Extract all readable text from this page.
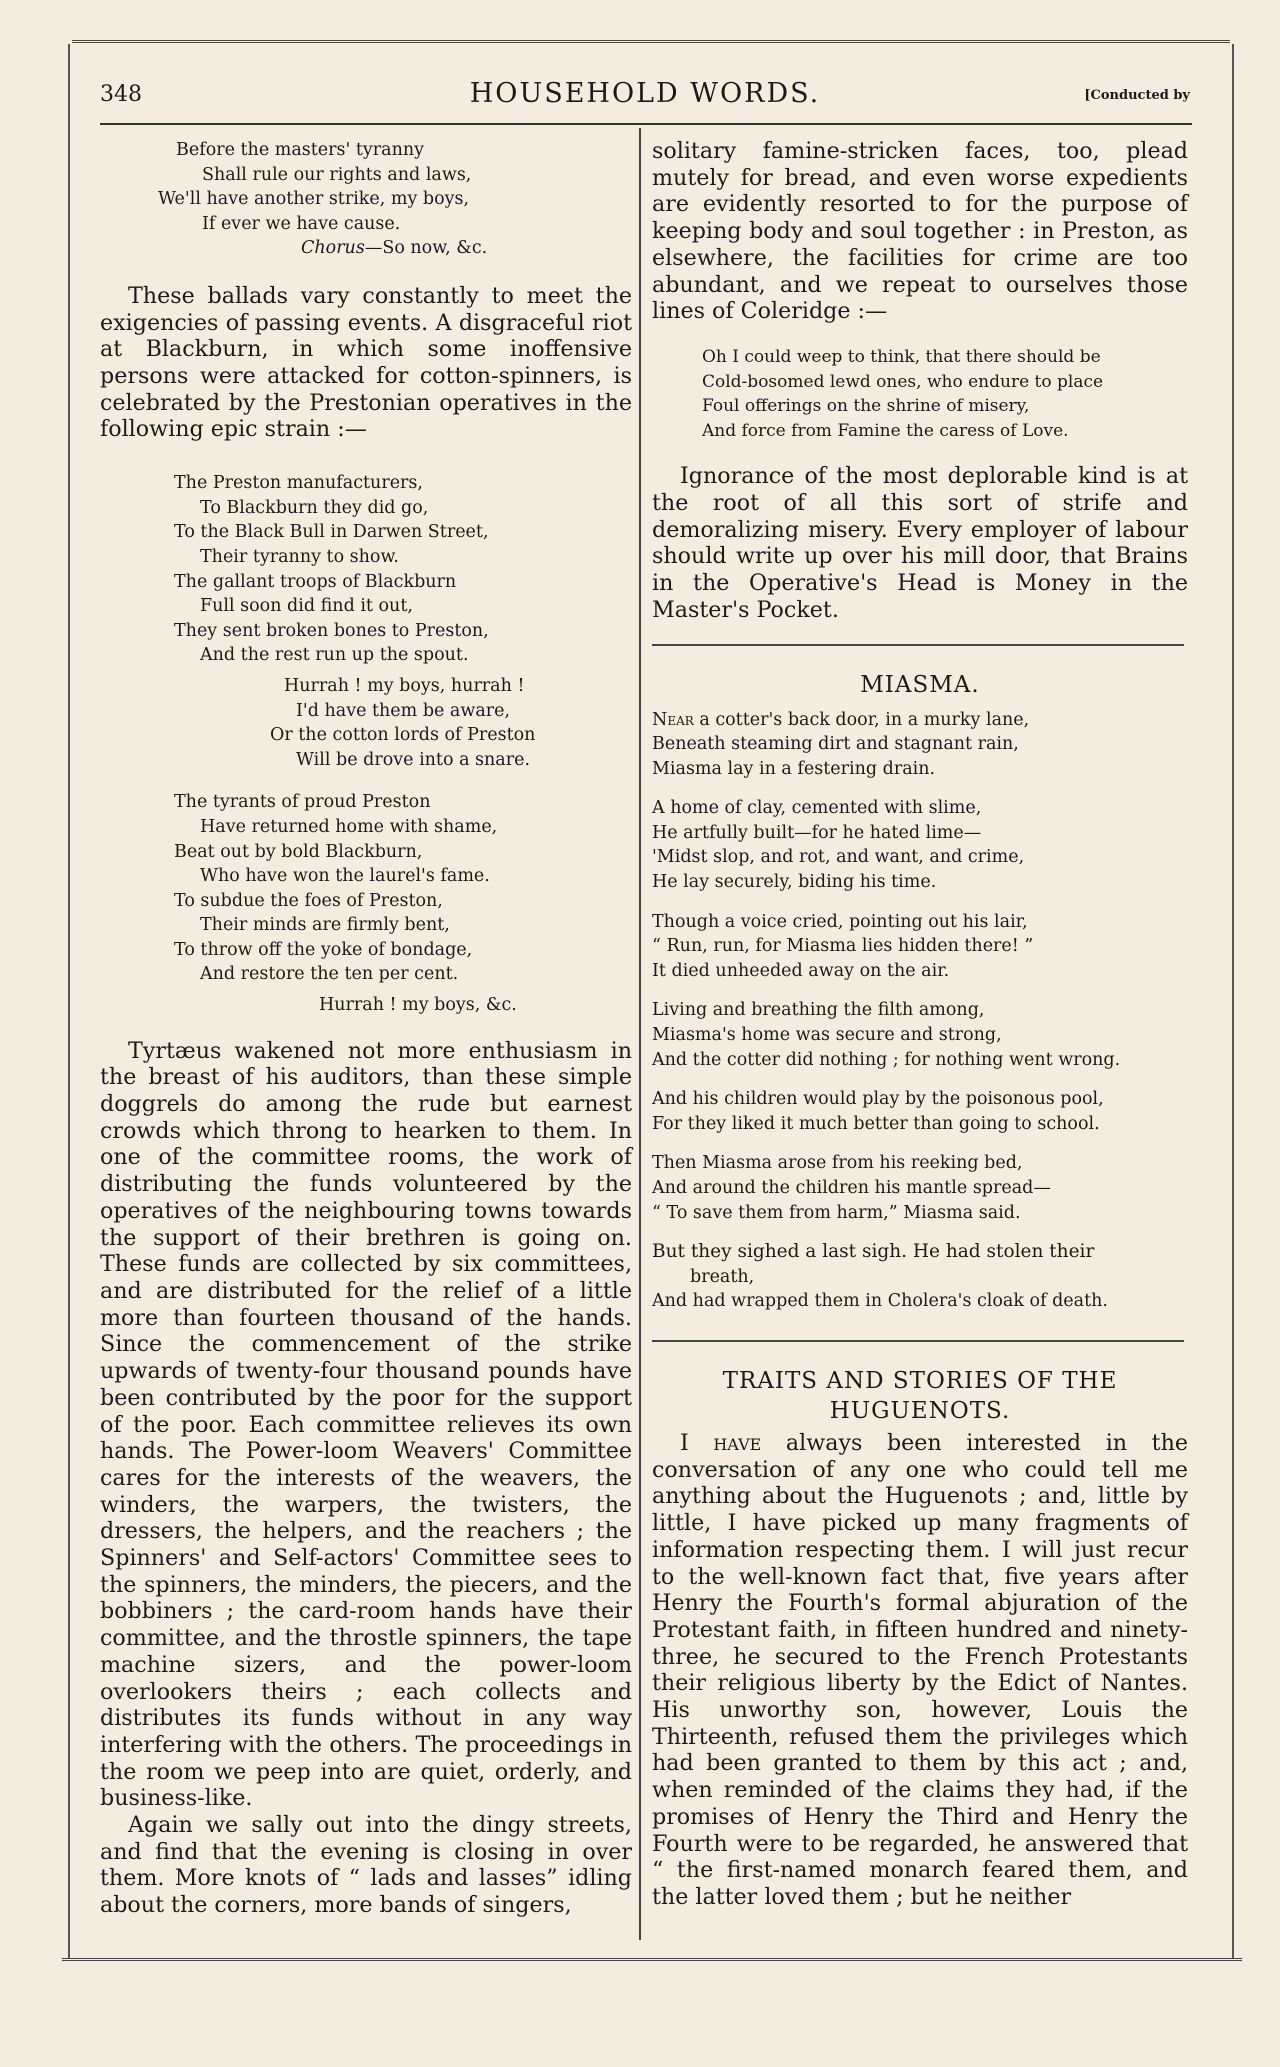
348	HOUSEHOLD WORDS.	[Conducted by
Before the masters' tyranny
Shall rule our rights and laws,
We'll have another strike, my boys,
If ever we have cause.
Chorus—So now, &c.

These ballads vary constantly to meet the exigencies of passing events. A disgraceful riot at Blackburn, in which some inoffensive persons were attacked for cotton-spinners, is celebrated by the Prestonian operatives in the following epic strain :—

The Preston manufacturers,
To Blackburn they did go,
To the Black Bull in Darwen Street,
Their tyranny to show.
The gallant troops of Blackburn
Full soon did find it out,
They sent broken bones to Preston,
And the rest run up the spout.
Hurrah ! my boys, hurrah !
I'd have them be aware,
Or the cotton lords of Preston
Will be drove into a snare.
The tyrants of proud Preston
Have returned home with shame,
Beat out by bold Blackburn,
Who have won the laurel's fame.
To subdue the foes of Preston,
Their minds are firmly bent,
To throw off the yoke of bondage,
And restore the ten per cent.
Hurrah ! my boys, &c.

Tyrtæus wakened not more enthusiasm in the breast of his auditors, than these simple doggrels do among the rude but earnest crowds which throng to hearken to them. In one of the committee rooms, the work of distributing the funds volunteered by the operatives of the neighbouring towns towards the support of their brethren is going on. These funds are collected by six committees, and are distributed for the relief of a little more than fourteen thousand of the hands. Since the commencement of the strike upwards of twenty-four thousand pounds have been contributed by the poor for the support of the poor. Each committee relieves its own hands. The Power-loom Weavers' Committee cares for the interests of the weavers, the winders, the warpers, the twisters, the dressers, the helpers, and the reachers ; the Spinners' and Self-actors' Committee sees to the spinners, the minders, the piecers, and the bobbiners ; the card-room hands have their committee, and the throstle spinners, the tape machine sizers, and the power-loom overlookers theirs ; each collects and distributes its funds without in any way interfering with the others. The proceedings in the room we peep into are quiet, orderly, and business-like.

Again we sally out into the dingy streets, and find that the evening is closing in over them. More knots of “ lads and lasses” idling about the corners, more bands of singers,

solitary famine-stricken faces, too, plead mutely for bread, and even worse expedients are evidently resorted to for the purpose of keeping body and soul together : in Preston, as elsewhere, the facilities for crime are too abundant, and we repeat to ourselves those lines of Coleridge :—

Oh I could weep to think, that there should be
Cold-bosomed lewd ones, who endure to place
Foul offerings on the shrine of misery,
And force from Famine the caress of Love.

Ignorance of the most deplorable kind is at the root of all this sort of strife and demoralizing misery. Every employer of labour should write up over his mill door, that Brains in the Operative's Head is Money in the Master's Pocket.

MIASMA.
Near a cotter's back door, in a murky lane,
Beneath steaming dirt and stagnant rain,
Miasma lay in a festering drain.
A home of clay, cemented with slime,
He artfully built—for he hated lime—
'Midst slop, and rot, and want, and crime,
He lay securely, biding his time.
Though a voice cried, pointing out his lair,
“ Run, run, for Miasma lies hidden there! ”
It died unheeded away on the air.
Living and breathing the filth among,
Miasma's home was secure and strong,
And the cotter did nothing ; for nothing went wrong.
And his children would play by the poisonous pool,
For they liked it much better than going to school.
Then Miasma arose from his reeking bed,
And around the children his mantle spread—
“ To save them from harm,” Miasma said.
But they sighed a last sigh. He had stolen their
breath,
And had wrapped them in Cholera's cloak of death.
TRAITS AND STORIES OF THE
HUGUENOTS.

I have always been interested in the conversation of any one who could tell me anything about the Huguenots ; and, little by little, I have picked up many fragments of information respecting them. I will just recur to the well-known fact that, five years after Henry the Fourth's formal abjuration of the Protestant faith, in fifteen hundred and ninety-three, he secured to the French Protestants their religious liberty by the Edict of Nantes. His unworthy son, however, Louis the Thirteenth, refused them the privileges which had been granted to them by this act ; and, when reminded of the claims they had, if the promises of Henry the Third and Henry the Fourth were to be regarded, he answered that “ the first-named monarch feared them, and the latter loved them ; but he neither
